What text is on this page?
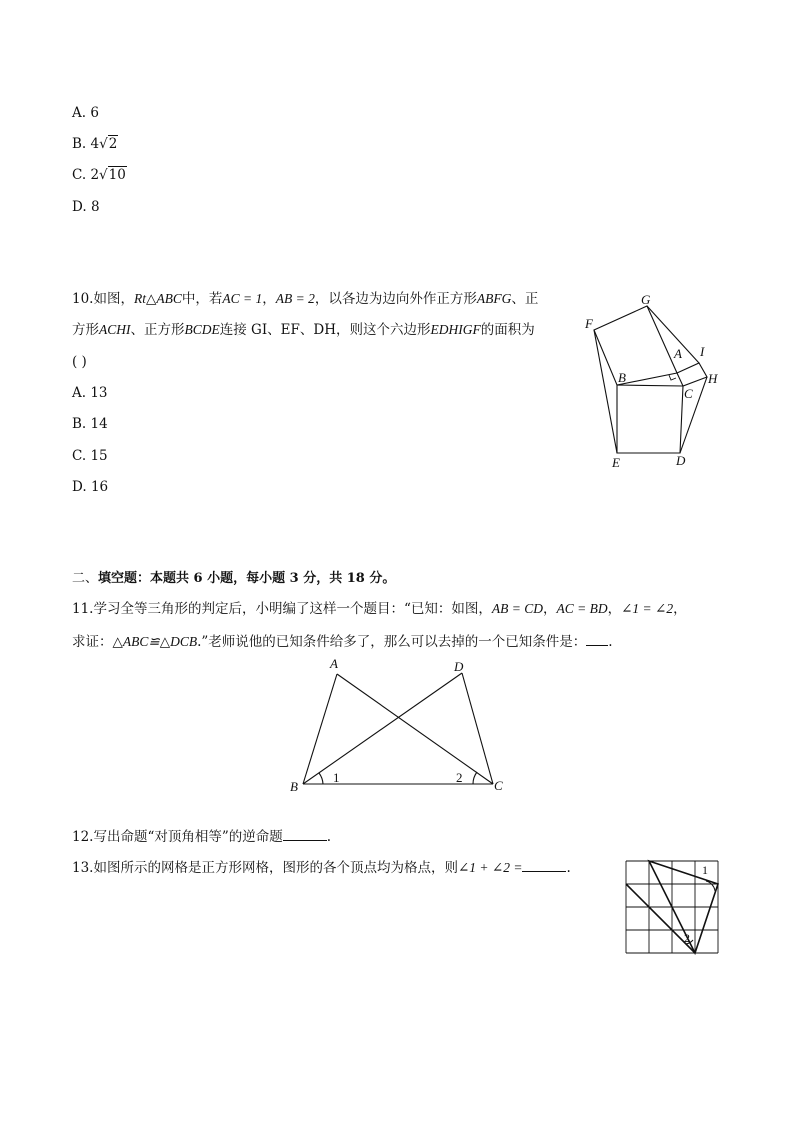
A. 6
B. 4√2
C. 2√10
D. 8
10.如图，Rt△ABC中，若AC = 1，AB = 2，以各边为边向外作正方形ABFG、正
方形ACHI、正方形BCDE连接 GI、EF、DH，则这个六边形EDHIGF的面积为
( )
A. 13
B. 14
C. 15
D. 16
G
F
A I
H
B
C
E	D
二、填空题：本题共 6 小题，每小题 3 分，共 18 分。
11.学习全等三角形的判定后，小明编了这样一个题目：“已知：如图，AB = CD，AC = BD，∠1 = ∠2，
求证：△ABC≌△DCB.”老师说他的已知条件给多了，那么可以去掉的一个已知条件是： .
A	D
B	C
1	2
12.写出命题“对顶角相等”的逆命题	.
13.如图所示的网格是正方形网格，图形的各个顶点均为格点，则∠1 + ∠2 =	.	1
2
